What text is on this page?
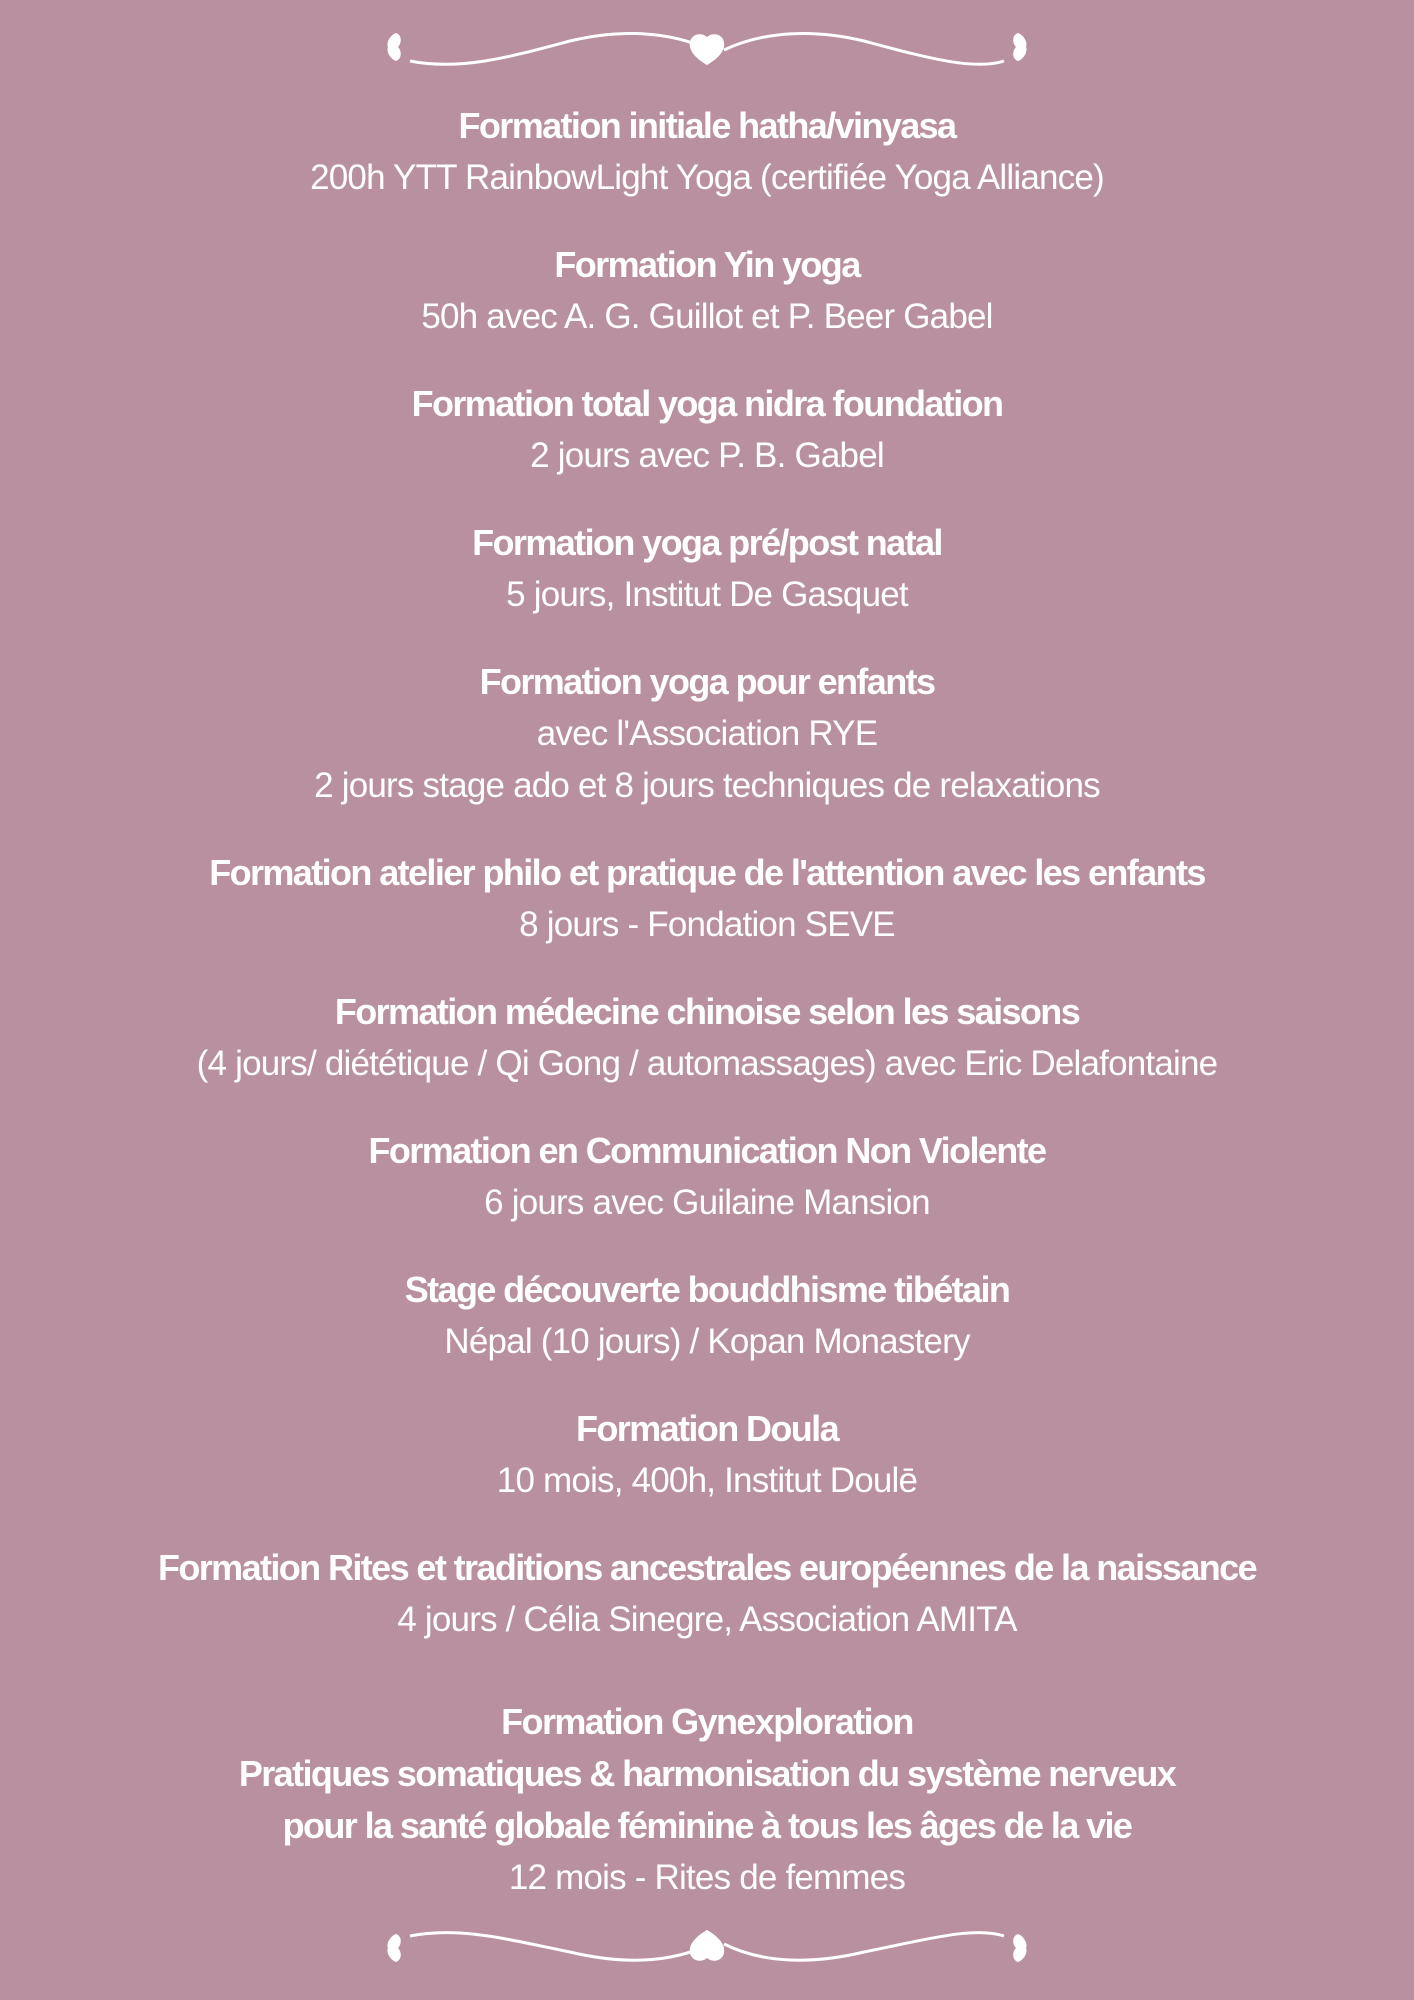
Formation initiale hatha/vinyasa
200h YTT RainbowLight Yoga (certifiée Yoga Alliance)
Formation Yin yoga
50h avec A. G. Guillot et P. Beer Gabel
Formation total yoga nidra foundation
2 jours avec P. B. Gabel
Formation yoga pré/post natal
5 jours, Institut De Gasquet
Formation yoga pour enfants
avec l'Association RYE
2 jours stage ado et 8 jours techniques de relaxations
Formation atelier philo et pratique de l'attention avec les enfants
8 jours - Fondation SEVE
Formation médecine chinoise selon les saisons
(4 jours/ diététique / Qi Gong / automassages) avec Eric Delafontaine
Formation en Communication Non Violente
6 jours avec Guilaine Mansion
Stage découverte bouddhisme tibétain
Népal (10 jours) / Kopan Monastery
Formation Doula
10 mois, 400h, Institut Doulē
Formation Rites et traditions ancestrales européennes de la naissance
4 jours / Célia Sinegre, Association AMITA
Formation Gynexploration
Pratiques somatiques & harmonisation du système nerveux
pour la santé globale féminine à tous les âges de la vie
12 mois - Rites de femmes
